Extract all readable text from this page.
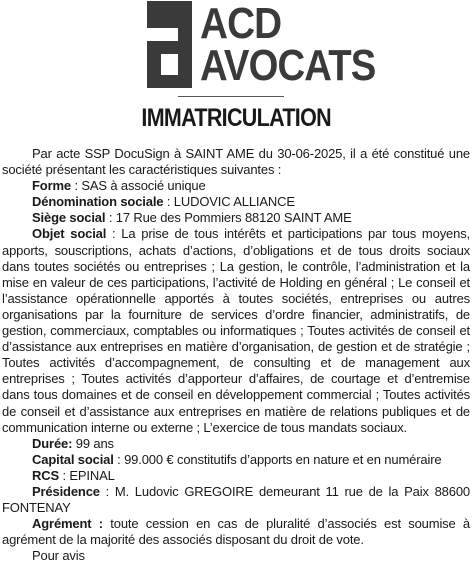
ACD
AVOCATS
IMMATRICULATION

Par acte SSP DocuSign à SAINT AME du 30-06-2025, il a été constitué une société présentant les caractéristiques suivantes :

Forme : SAS à associé unique

Dénomination sociale : LUDOVIC ALLIANCE

Siège social : 17 Rue des Pommiers 88120 SAINT AME

Objet social : La prise de tous intérêts et participations par tous moyens, apports, souscriptions, achats d’actions, d’obligations et de tous droits sociaux dans toutes sociétés ou entreprises ; La gestion, le contrôle, l’administration et la mise en valeur de ces participations, l’activité de Holding en général ; Le conseil et l’assistance opérationnelle apportés à toutes sociétés, entreprises ou autres organisations par la fourniture de services d’ordre financier, administratifs, de gestion, commerciaux, comptables ou informatiques ; Toutes activités de conseil et d’assistance aux entreprises en matière d’organisation, de gestion et de stratégie ; Toutes activités d’accompagnement, de consulting et de management aux entreprises ; Toutes activités d’apporteur d’affaires, de courtage et d’entremise dans tous domaines et de conseil en développement commercial ; Toutes activités de conseil et d’assistance aux entreprises en matière de relations publiques et de communication interne ou externe ; L’exercice de tous mandats sociaux.

Durée: 99 ans

Capital social : 99.000 € constitutifs d’apports en nature et en numéraire

RCS : EPINAL

Présidence : M. Ludovic GREGOIRE demeurant 11 rue de la Paix 88600 FONTENAY

Agrément : toute cession en cas de pluralité d’associés est soumise à agrément de la majorité des associés disposant du droit de vote.

Pour avis
